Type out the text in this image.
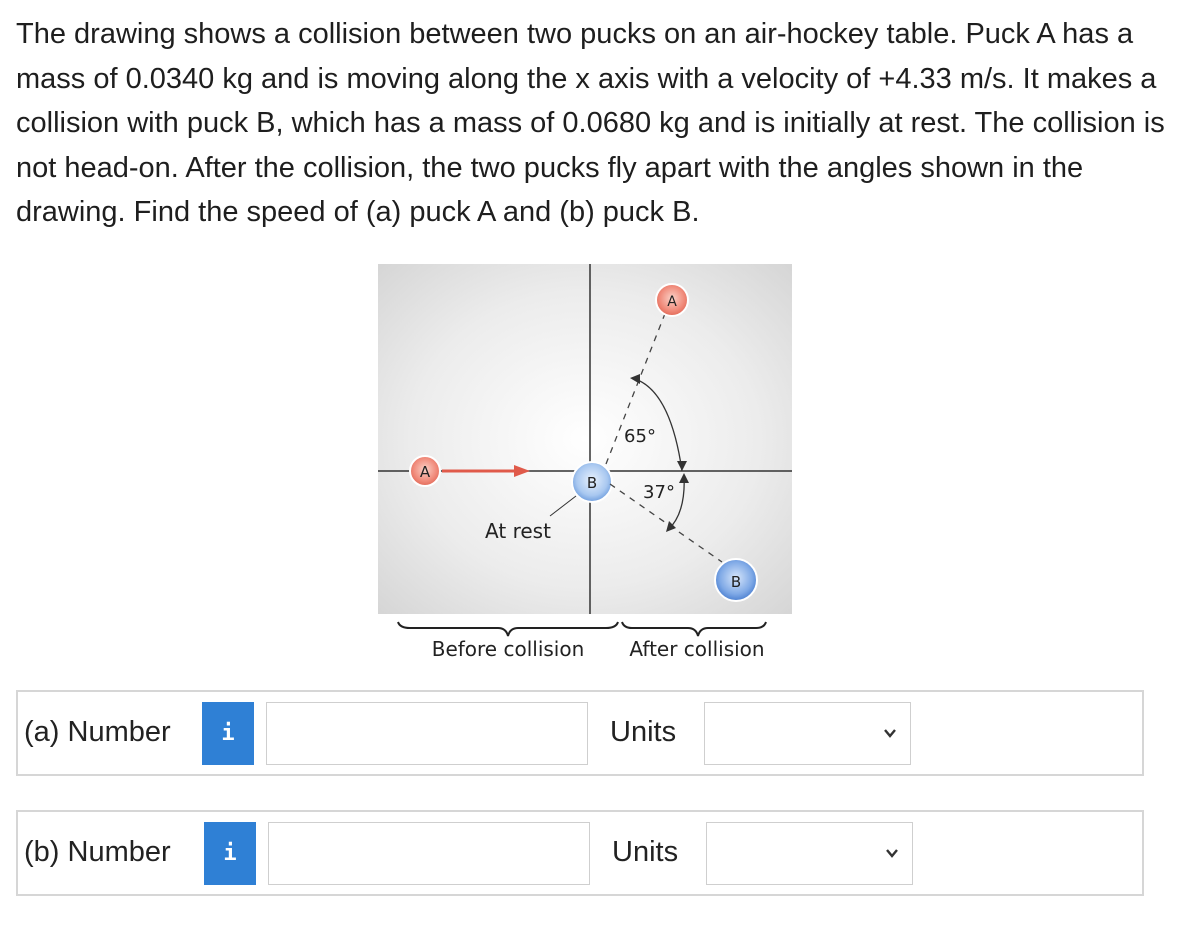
The drawing shows a collision between two pucks on an air-hockey table. Puck A has a mass of 0.0340 kg and is moving along the x axis with a velocity of +4.33 m/s. It makes a collision with puck B, which has a mass of 0.0680 kg and is initially at rest. The collision is not head-on. After the collision, the two pucks fly apart with the angles shown in the drawing. Find the speed of (a) puck A and (b) puck B.

A
B
At rest
65°
37°
A
B
Before collision After collision
(a) Number	i	Units
(b) Number	i	Units
